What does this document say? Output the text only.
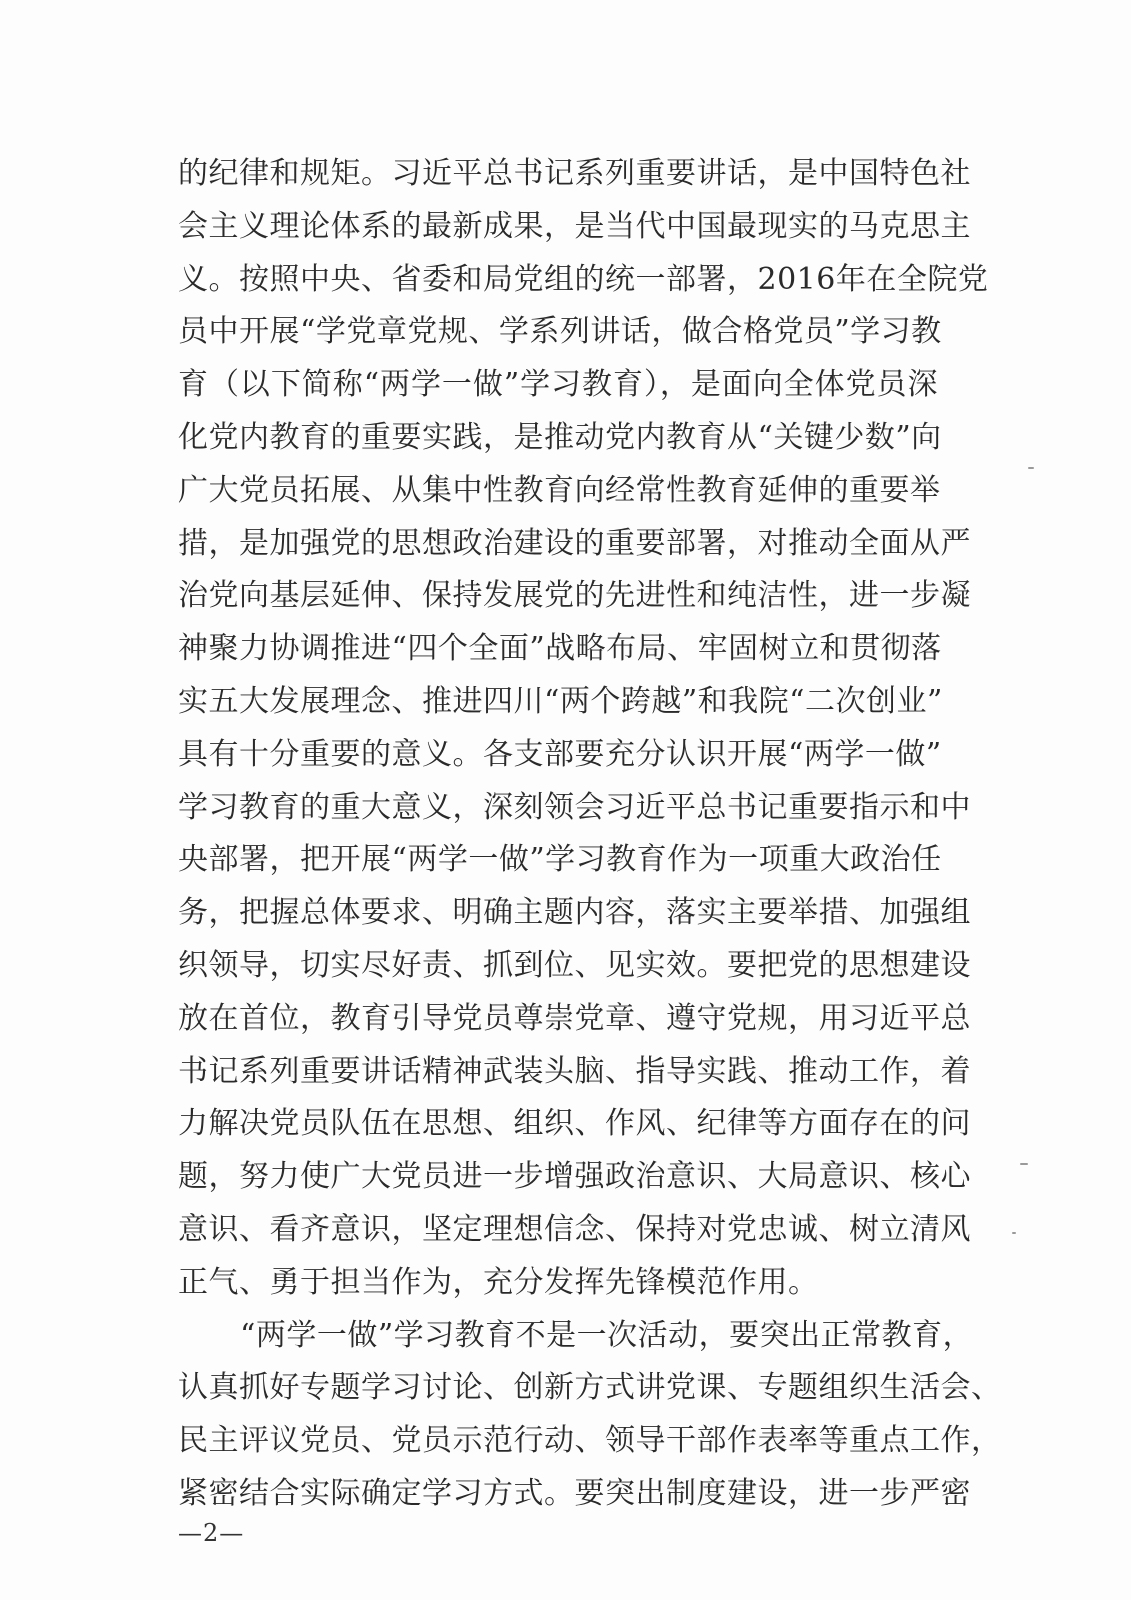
的纪律和规矩。习近平总书记系列重要讲话，是中国特色社
会主义理论体系的最新成果，是当代中国最现实的马克思主
义。按照中央、省委和局党组的统一部署，2016年在全院党
员中开展“学党章党规、学系列讲话，做合格党员”学习教
育（以下简称“两学一做”学习教育），是面向全体党员深
化党内教育的重要实践，是推动党内教育从“关键少数”向
广大党员拓展、从集中性教育向经常性教育延伸的重要举
措，是加强党的思想政治建设的重要部署，对推动全面从严
治党向基层延伸、保持发展党的先进性和纯洁性，进一步凝
神聚力协调推进“四个全面”战略布局、牢固树立和贯彻落
实五大发展理念、推进四川“两个跨越”和我院“二次创业”
具有十分重要的意义。各支部要充分认识开展“两学一做”
学习教育的重大意义，深刻领会习近平总书记重要指示和中
央部署，把开展“两学一做”学习教育作为一项重大政治任
务，把握总体要求、明确主题内容，落实主要举措、加强组
织领导，切实尽好责、抓到位、见实效。要把党的思想建设
放在首位，教育引导党员尊崇党章、遵守党规，用习近平总
书记系列重要讲话精神武装头脑、指导实践、推动工作，着
力解决党员队伍在思想、组织、作风、纪律等方面存在的问
题，努力使广大党员进一步增强政治意识、大局意识、核心
意识、看齐意识，坚定理想信念、保持对党忠诚、树立清风
正气、勇于担当作为，充分发挥先锋模范作用。
“两学一做”学习教育不是一次活动，要突出正常教育，
认真抓好专题学习讨论、创新方式讲党课、专题组织生活会、
民主评议党员、党员示范行动、领导干部作表率等重点工作，
紧密结合实际确定学习方式。要突出制度建设，进一步严密
—2—
